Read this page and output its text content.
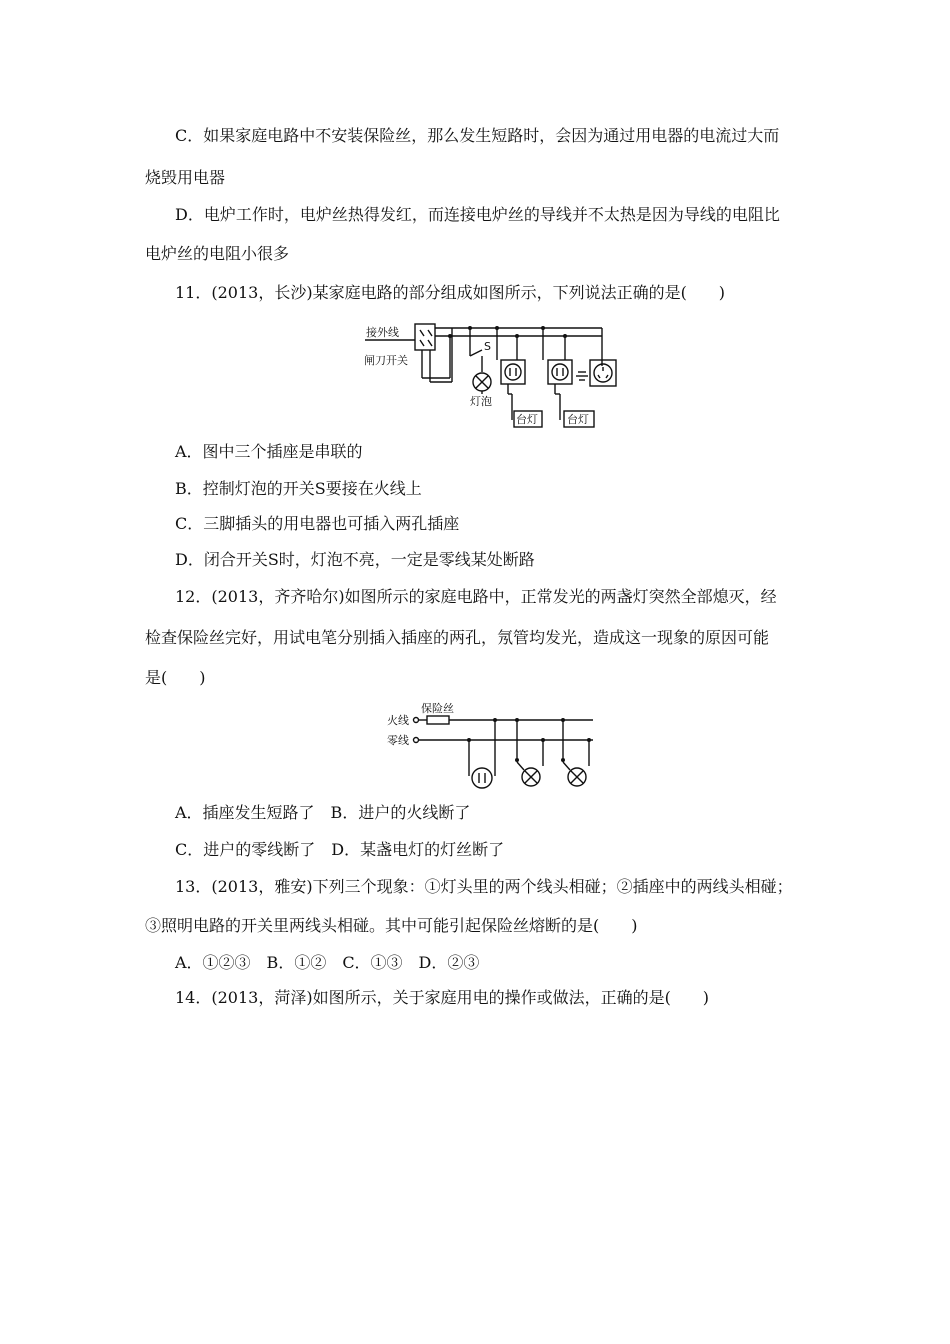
C．如果家庭电路中不安装保险丝，那么发生短路时，会因为通过用电器的电流过大而
烧毁用电器
D．电炉工作时，电炉丝热得发红，而连接电炉丝的导线并不太热是因为导线的电阻比
电炉丝的电阻小很多
11．(2013，长沙)某家庭电路的部分组成如图所示，下列说法正确的是(　　)
接外线
闸刀开关
S
灯泡
台灯	台灯
A．图中三个插座是串联的
B．控制灯泡的开关S要接在火线上
C．三脚插头的用电器也可插入两孔插座
D．闭合开关S时，灯泡不亮，一定是零线某处断路
12．(2013，齐齐哈尔)如图所示的家庭电路中，正常发光的两盏灯突然全部熄灭，经
检查保险丝完好，用试电笔分别插入插座的两孔，氖管均发光，造成这一现象的原因可能
是(　　)
火线
零线
保险丝
A．插座发生短路了　B．进户的火线断了
C．进户的零线断了　D．某盏电灯的灯丝断了
13．(2013，雅安)下列三个现象：①灯头里的两个线头相碰；②插座中的两线头相碰；
③照明电路的开关里两线头相碰。其中可能引起保险丝熔断的是(　　)
A．①②③　B．①②　C．①③　D．②③
14．(2013，菏泽)如图所示，关于家庭用电的操作或做法，正确的是(　　)
